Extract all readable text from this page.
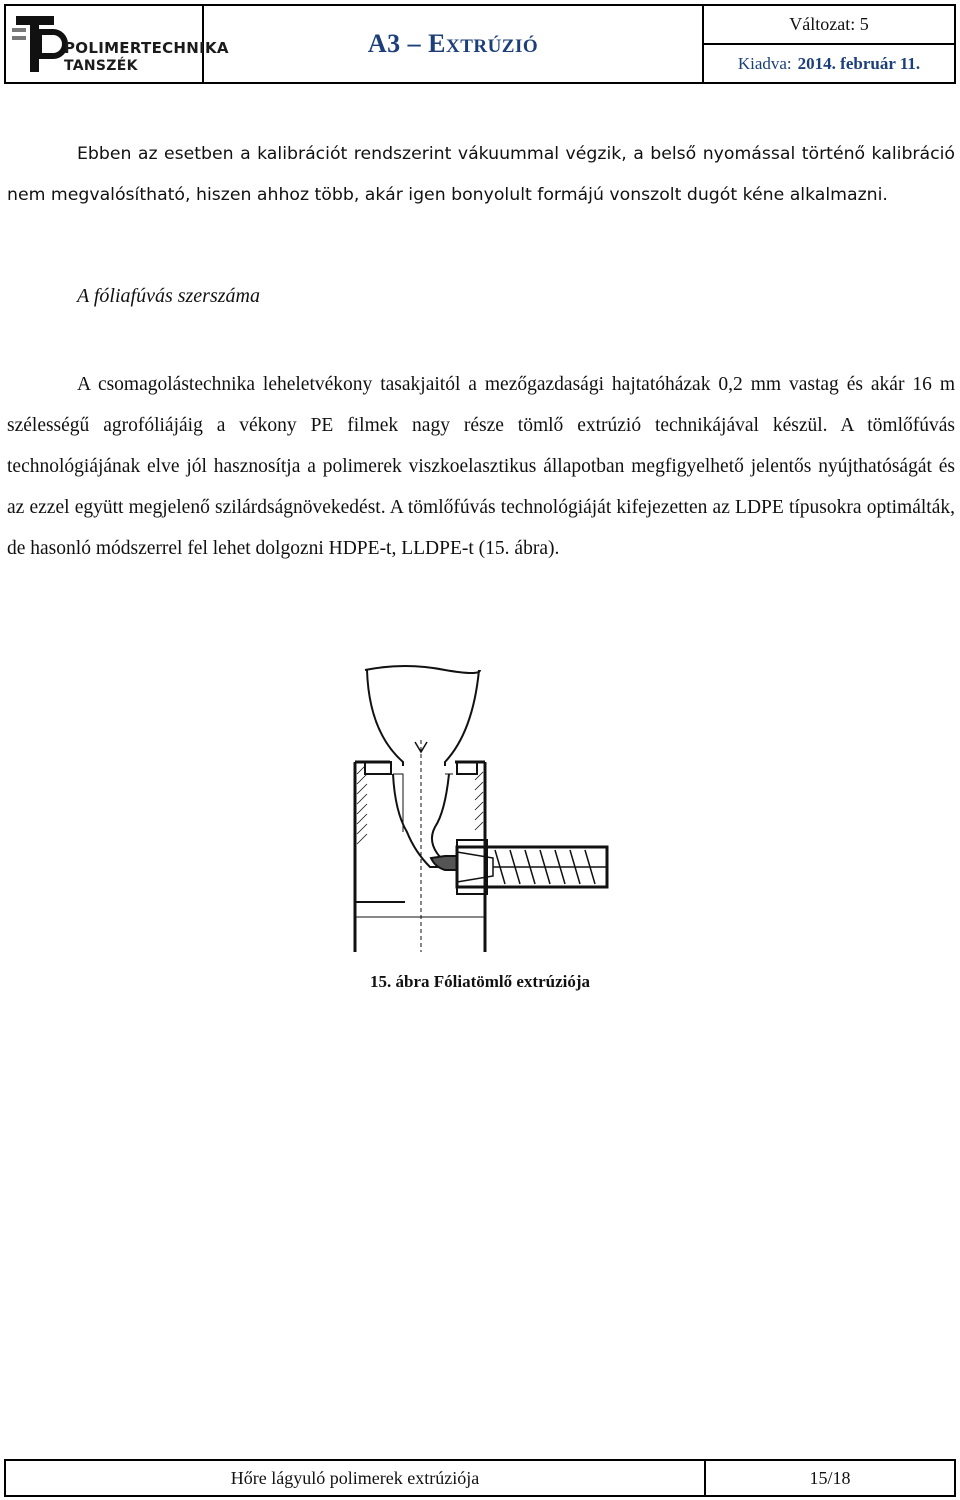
POLIMERTECHNIKA
TANSZÉK
A3 – EXTRÚZIÓ
Változat: 5
Kiadva: 2014. február 11.
Ebben az esetben a kalibrációt rendszerint vákuummal végzik, a belső nyomással történő kalibráció nem megvalósítható, hiszen ahhoz több, akár igen bonyolult formájú vonszolt dugót kéne alkalmazni.
A fóliafúvás szerszáma
A csomagolástechnika leheletvékony tasakjaitól a mezőgazdasági hajtatóházak 0,2 mm vastag és akár 16 m szélességű agrofóliájáig a vékony PE filmek nagy része tömlő extrúzió technikájával készül. A tömlőfúvás technológiájának elve jól hasznosítja a polimerek viszkoelasztikus állapotban megfigyelhető jelentős nyújthatóságát és az ezzel együtt megjelenő szilárdságnövekedést. A tömlőfúvás technológiáját kifejezetten az LDPE típusokra optimálták, de hasonló módszerrel fel lehet dolgozni HDPE-t, LLDPE-t (15. ábra).
15. ábra Fóliatömlő extrúziója
Hőre lágyuló polimerek extrúziója	15/18
